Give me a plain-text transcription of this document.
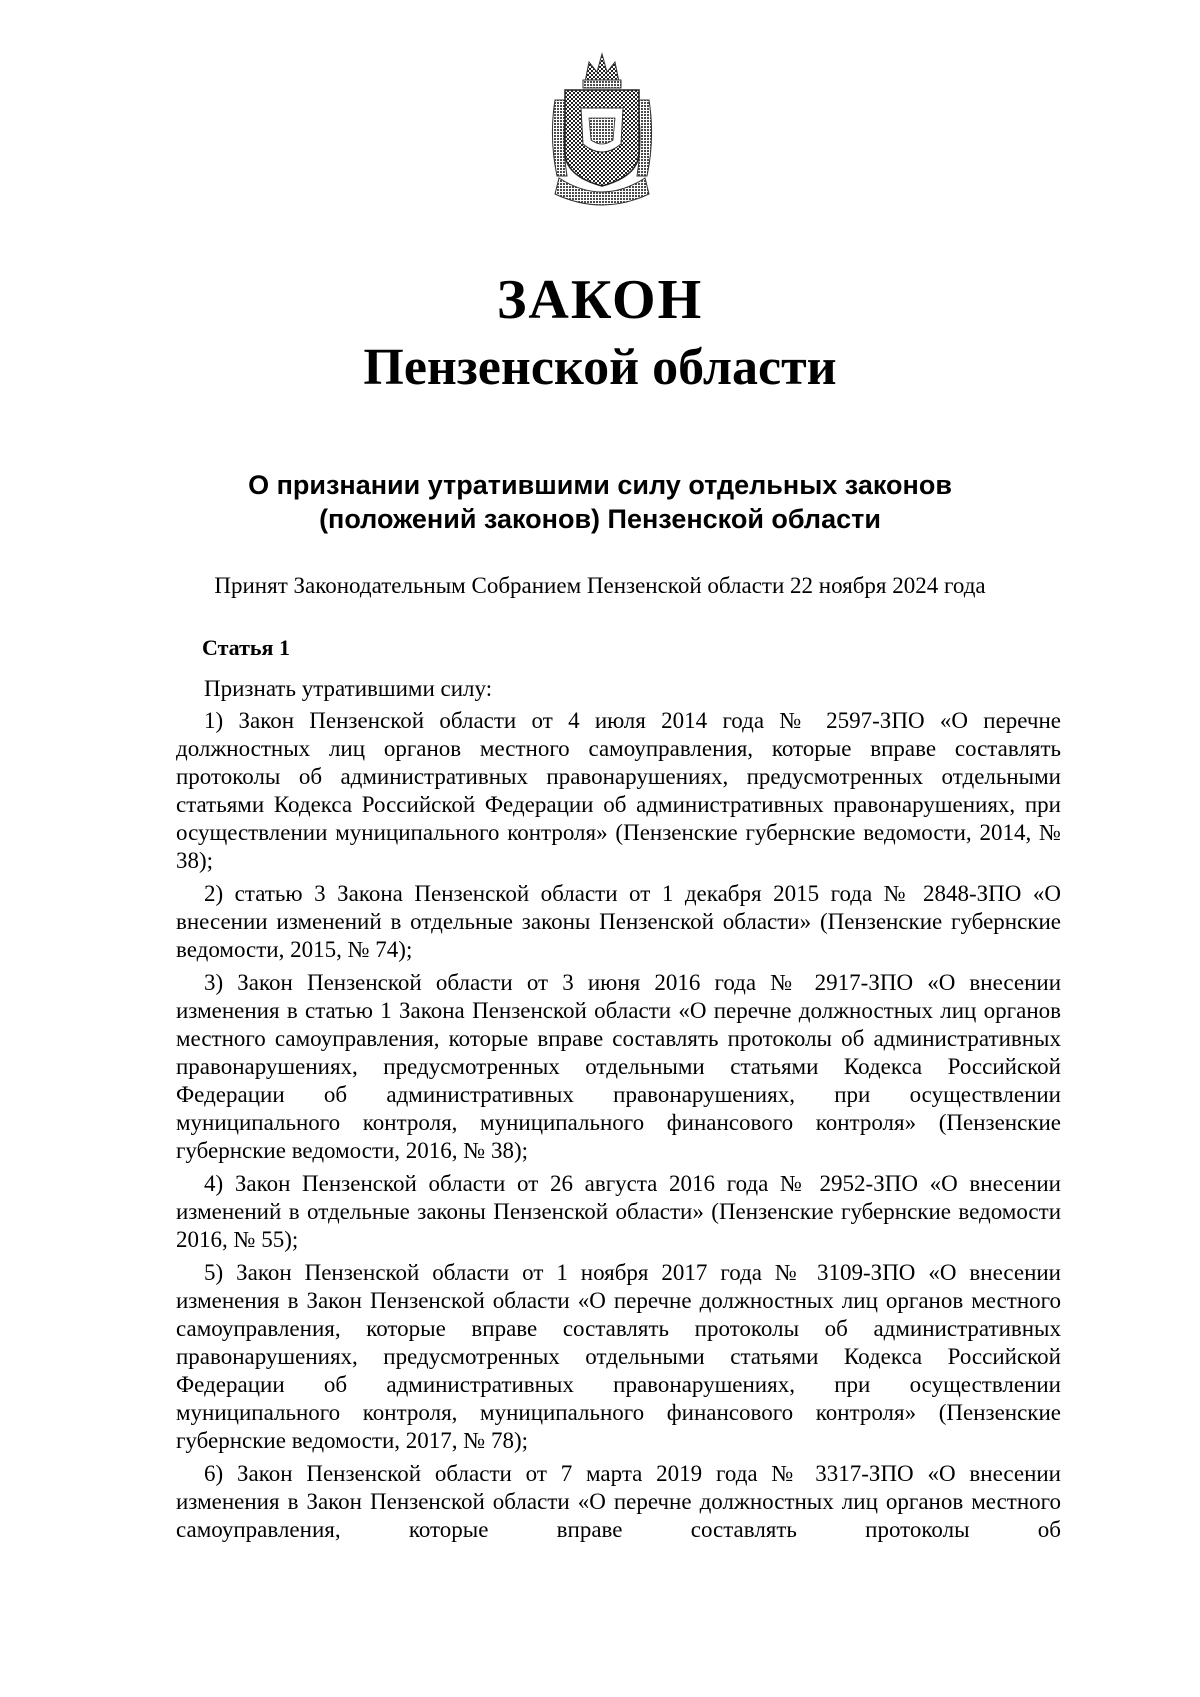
ЗАКОН
Пензенской области
О признании утратившими силу отдельных законов
(положений законов) Пензенской области
Принят Законодательным Собранием Пензенской области 22 ноября 2024 года
Статья 1

Признать утратившими силу:

1) Закон Пензенской области от 4 июля 2014 года № 2597-ЗПО «О перечне должностных лиц органов местного самоуправления, которые вправе составлять протоколы об административных правонарушениях, предусмотренных отдельными статьями Кодекса Российской Федерации об административных правонарушениях, при осуществлении муниципального контроля» (Пензенские губернские ведомости, 2014, № 38);

2) статью 3 Закона Пензенской области от 1 декабря 2015 года № 2848-ЗПО «О внесении изменений в отдельные законы Пензенской области» (Пензенские губернские ведомости, 2015, № 74);

3) Закон Пензенской области от 3 июня 2016 года № 2917-ЗПО «О внесении изменения в статью 1 Закона Пензенской области «О перечне должностных лиц органов местного самоуправления, которые вправе составлять протоколы об административных правонарушениях, предусмотренных отдельными статьями Кодекса Российской Федерации об административных правонарушениях, при осуществлении муниципального контроля, муниципального финансового контроля» (Пензенские губернские ведомости, 2016, № 38);

4) Закон Пензенской области от 26 августа 2016 года № 2952-ЗПО «О внесении изменений в отдельные законы Пензенской области» (Пензенские губернские ведомости 2016, № 55);

5) Закон Пензенской области от 1 ноября 2017 года № 3109-ЗПО «О внесении изменения в Закон Пензенской области «О перечне должностных лиц органов местного самоуправления, которые вправе составлять протоколы об административных правонарушениях, предусмотренных отдельными статьями Кодекса Российской Федерации об административных правонарушениях, при осуществлении муниципального контроля, муниципального финансового контроля» (Пензенские губернские ведомости, 2017, № 78);

6) Закон Пензенской области от 7 марта 2019 года № 3317-ЗПО «О внесении изменения в Закон Пензенской области «О перечне должностных лиц органов местного самоуправления, которые вправе составлять протоколы об
